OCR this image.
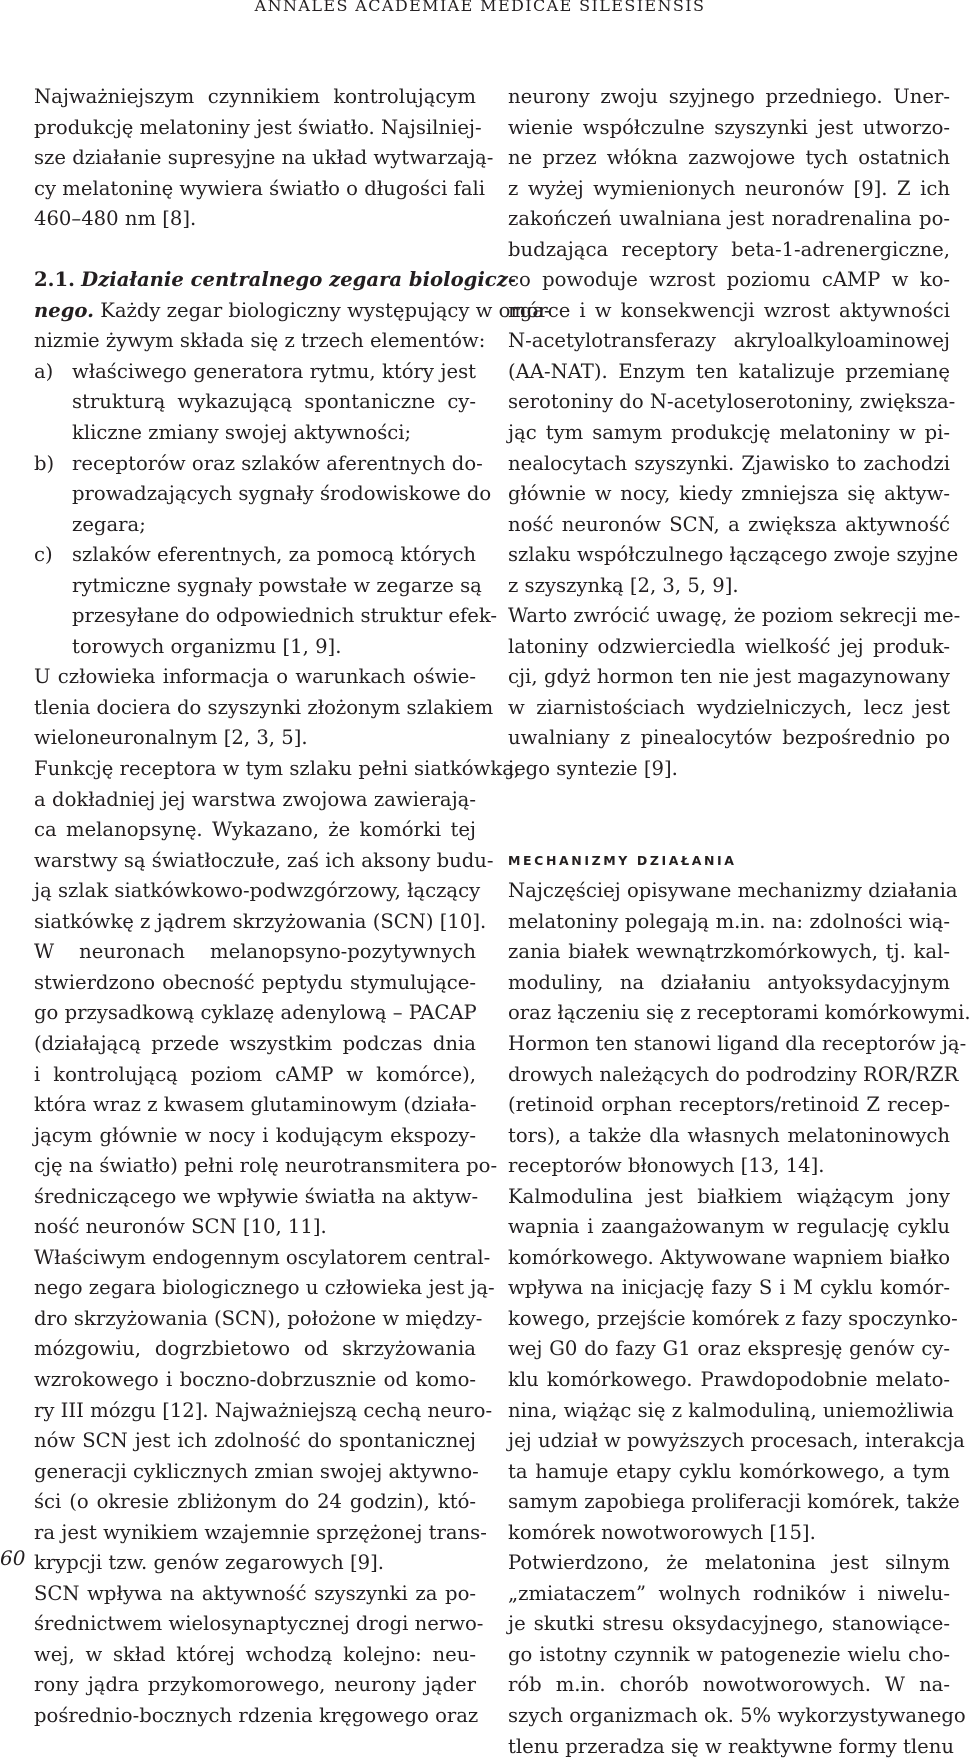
ANNALES ACADEMIAE MEDICAE SILESIENSIS
Najważniejszym czynnikiem kontrolującym
produkcję melatoniny jest światło. Najsilniej-
sze działanie supresyjne na układ wytwarzają-
cy melatoninę wywiera światło o długości fali
460–480 nm [8].
2.1. Działanie centralnego zegara biologicz-
nego. Każdy zegar biologiczny występujący w orga-
nizmie żywym składa się z trzech elementów:
a) właściwego generatora rytmu, który jest
strukturą wykazującą spontaniczne cy-
kliczne zmiany swojej aktywności;
b) receptorów oraz szlaków aferentnych do-
prowadzających sygnały środowiskowe do
zegara;
c) szlaków eferentnych, za pomocą których
rytmiczne sygnały powstałe w zegarze są
przesyłane do odpowiednich struktur efek-
torowych organizmu [1, 9].
U człowieka informacja o warunkach oświe-
tlenia dociera do szyszynki złożonym szlakiem
wieloneuronalnym [2, 3, 5].
Funkcję receptora w tym szlaku pełni siatkówka,
a dokładniej jej warstwa zwojowa zawierają-
ca melanopsynę. Wykazano, że komórki tej
warstwy są światłoczułe, zaś ich aksony budu-
ją szlak siatkówkowo-podwzgórzowy, łączący
siatkówkę z jądrem skrzyżowania (SCN) [10].
W neuronach melanopsyno-pozytywnych
stwierdzono obecność peptydu stymulujące-
go przysadkową cyklazę adenylową – PACAP
(działającą przede wszystkim podczas dnia
i kontrolującą poziom cAMP w komórce),
która wraz z kwasem glutaminowym (działa-
jącym głównie w nocy i kodującym ekspozy-
cję na światło) pełni rolę neurotransmitera po-
średniczącego we wpływie światła na aktyw-
ność neuronów SCN [10, 11].
Właściwym endogennym oscylatorem central-
nego zegara biologicznego u człowieka jest ją-
dro skrzyżowania (SCN), położone w między-
mózgowiu, dogrzbietowo od skrzyżowania
wzrokowego i boczno-dobrzusznie od komo-
ry III mózgu [12]. Najważniejszą cechą neuro-
nów SCN jest ich zdolność do spontanicznej
generacji cyklicznych zmian swojej aktywno-
ści (o okresie zbliżonym do 24 godzin), któ-
ra jest wynikiem wzajemnie sprzężonej trans-
krypcji tzw. genów zegarowych [9].
SCN wpływa na aktywność szyszynki za po-
średnictwem wielosynaptycznej drogi nerwo-
wej, w skład której wchodzą kolejno: neu-
rony jądra przykomorowego, neurony jąder
pośrednio-bocznych rdzenia kręgowego oraz
neurony zwoju szyjnego przedniego. Uner-
wienie współczulne szyszynki jest utworzo-
ne przez włókna zazwojowe tych ostatnich
z wyżej wymienionych neuronów [9]. Z ich
zakończeń uwalniana jest noradrenalina po-
budzająca receptory beta-1-adrenergiczne,
co powoduje wzrost poziomu cAMP w ko-
mórce i w konsekwencji wzrost aktywności
N-acetylotransferazy akryloalkyloaminowej
(AA-NAT). Enzym ten katalizuje przemianę
serotoniny do N-acetyloserotoniny, zwiększa-
jąc tym samym produkcję melatoniny w pi-
nealocytach szyszynki. Zjawisko to zachodzi
głównie w nocy, kiedy zmniejsza się aktyw-
ność neuronów SCN, a zwiększa aktywność
szlaku współczulnego łączącego zwoje szyjne
z szyszynką [2, 3, 5, 9].
Warto zwrócić uwagę, że poziom sekrecji me-
latoniny odzwierciedla wielkość jej produk-
cji, gdyż hormon ten nie jest magazynowany
w ziarnistościach wydzielniczych, lecz jest
uwalniany z pinealocytów bezpośrednio po
jego syntezie [9].
MECHANIZMY DZIAŁANIA
Najczęściej opisywane mechanizmy działania
melatoniny polegają m.in. na: zdolności wią-
zania białek wewnątrzkomórkowych, tj. kal-
moduliny, na działaniu antyoksydacyjnym
oraz łączeniu się z receptorami komórkowymi.
Hormon ten stanowi ligand dla receptorów ją-
drowych należących do podrodziny ROR/RZR
(retinoid orphan receptors/retinoid Z recep-
tors), a także dla własnych melatoninowych
receptorów błonowych [13, 14].
Kalmodulina jest białkiem wiążącym jony
wapnia i zaangażowanym w regulację cyklu
komórkowego. Aktywowane wapniem białko
wpływa na inicjację fazy S i M cyklu komór-
kowego, przejście komórek z fazy spoczynko-
wej G0 do fazy G1 oraz ekspresję genów cy-
klu komórkowego. Prawdopodobnie melato-
nina, wiążąc się z kalmoduliną, uniemożliwia
jej udział w powyższych procesach, interakcja
ta hamuje etapy cyklu komórkowego, a tym
samym zapobiega proliferacji komórek, także
komórek nowotworowych [15].
Potwierdzono, że melatonina jest silnym
„zmiataczem” wolnych rodników i niwelu-
je skutki stresu oksydacyjnego, stanowiące-
go istotny czynnik w patogenezie wielu cho-
rób m.in. chorób nowotworowych. W na-
szych organizmach ok. 5% wykorzystywanego
tlenu przeradza się w reaktywne formy tlenu
60
